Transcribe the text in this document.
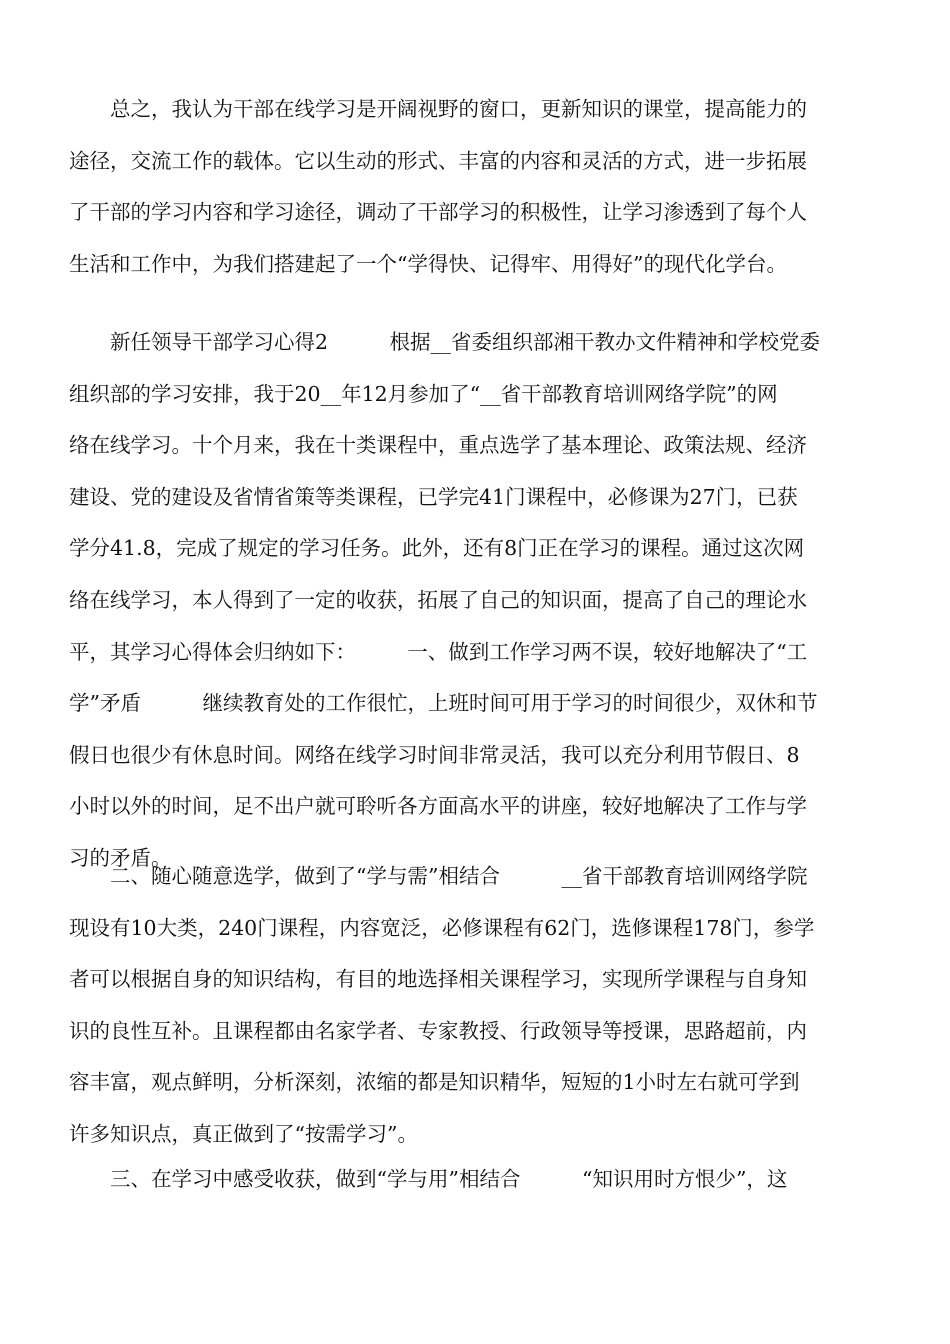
总之，我认为干部在线学习是开阔视野的窗口，更新知识的课堂，提高能力的
途径，交流工作的载体。它以生动的形式、丰富的内容和灵活的方式，进一步拓展
了干部的学习内容和学习途径，调动了干部学习的积极性，让学习渗透到了每个人
生活和工作中，为我们搭建起了一个“学得快、记得牢、用得好”的现代化学台。
新任领导干部学习心得2　　　根据__省委组织部湘干教办文件精神和学校党委
组织部的学习安排，我于20__年12月参加了“__省干部教育培训网络学院”的网
络在线学习。十个月来，我在十类课程中，重点选学了基本理论、政策法规、经济
建设、党的建设及省情省策等类课程，已学完41门课程中，必修课为27门，已获
学分41.8，完成了规定的学习任务。此外，还有8门正在学习的课程。通过这次网
络在线学习，本人得到了一定的收获，拓展了自己的知识面，提高了自己的理论水
平，其学习心得体会归纳如下：　　　一、做到工作学习两不误，较好地解决了“工
学”矛盾　　　继续教育处的工作很忙，上班时间可用于学习的时间很少，双休和节
假日也很少有休息时间。网络在线学习时间非常灵活，我可以充分利用节假日、8
小时以外的时间，足不出户就可聆听各方面高水平的讲座，较好地解决了工作与学
习的矛盾。
二、随心随意选学，做到了“学与需”相结合　　　__省干部教育培训网络学院
现设有10大类，240门课程，内容宽泛，必修课程有62门，选修课程178门，参学
者可以根据自身的知识结构，有目的地选择相关课程学习，实现所学课程与自身知
识的良性互补。且课程都由名家学者、专家教授、行政领导等授课，思路超前，内
容丰富，观点鲜明，分析深刻，浓缩的都是知识精华，短短的1小时左右就可学到
许多知识点，真正做到了“按需学习”。
三、在学习中感受收获，做到“学与用”相结合　　　“知识用时方恨少”，这
